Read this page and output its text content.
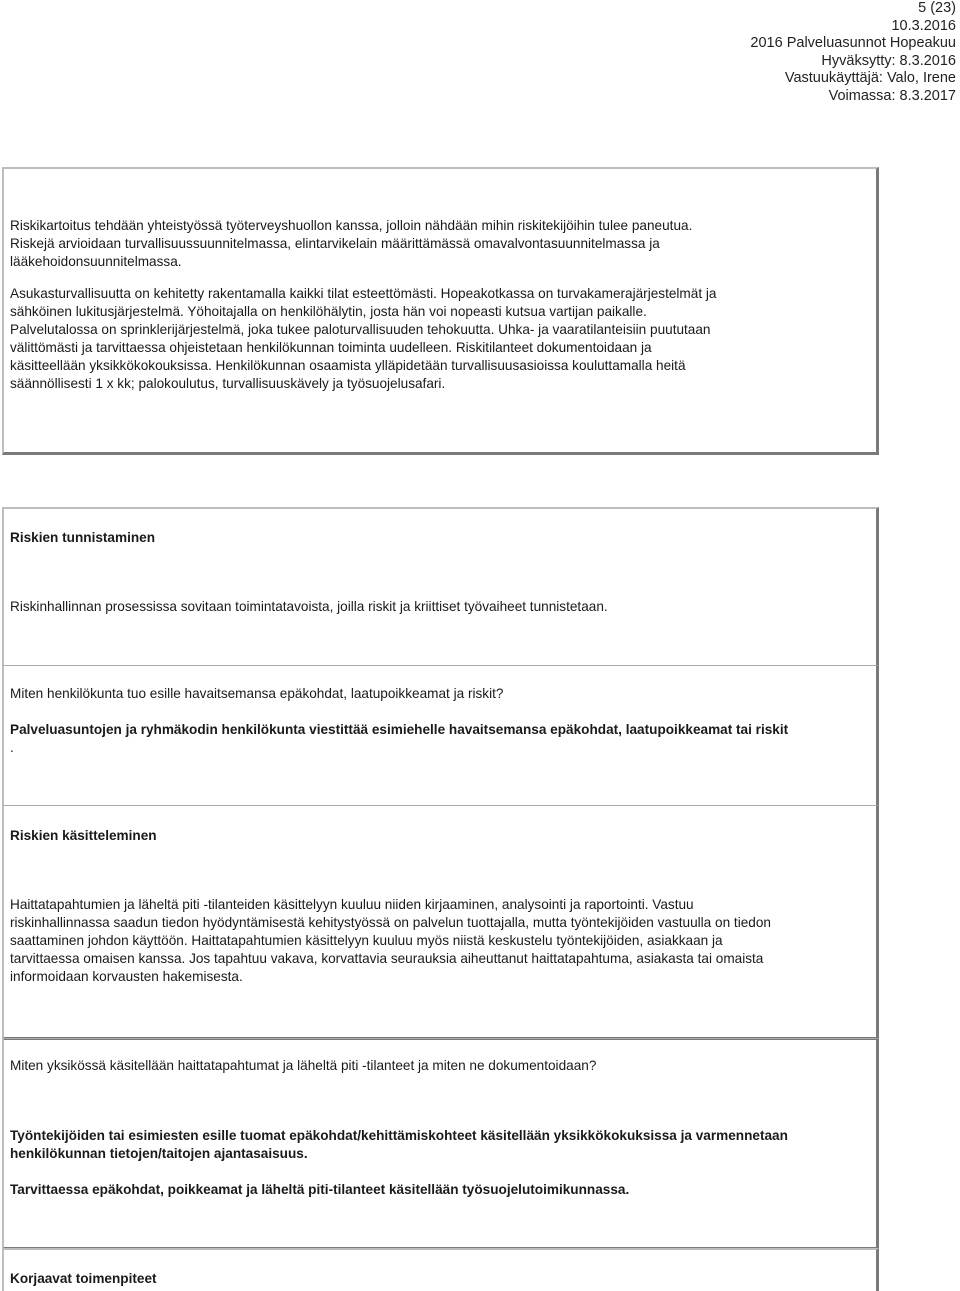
5 (23)
10.3.2016
2016 Palveluasunnot Hopeakuu
Hyväksytty: 8.3.2016
Vastuukäyttäjä: Valo, Irene
Voimassa: 8.3.2017
Riskikartoitus tehdään yhteistyössä työterveyshuollon kanssa, jolloin nähdään mihin riskitekijöihin tulee paneutua.
Riskejä arvioidaan turvallisuussuunnitelmassa, elintarvikelain määrittämässä omavalvontasuunnitelmassa ja
lääkehoidonsuunnitelmassa.
Asukasturvallisuutta on kehitetty rakentamalla kaikki tilat esteettömästi. Hopeakotkassa on turvakamerajärjestelmät ja
sähköinen lukitusjärjestelmä. Yöhoitajalla on henkilöhälytin, josta hän voi nopeasti kutsua vartijan paikalle.
Palvelutalossa on sprinklerijärjestelmä, joka tukee paloturvallisuuden tehokuutta. Uhka- ja vaaratilanteisiin puututaan
välittömästi ja tarvittaessa ohjeistetaan henkilökunnan toiminta uudelleen. Riskitilanteet dokumentoidaan ja
käsitteellään yksikkökokouksissa. Henkilökunnan osaamista ylläpidetään turvallisuusasioissa kouluttamalla heitä
säännöllisesti 1 x kk; palokoulutus, turvallisuuskävely ja työsuojelusafari.
Riskien tunnistaminen
Riskinhallinnan prosessissa sovitaan toimintatavoista, joilla riskit ja kriittiset työvaiheet tunnistetaan.
Miten henkilökunta tuo esille havaitsemansa epäkohdat, laatupoikkeamat ja riskit?
Palveluasuntojen ja ryhmäkodin henkilökunta viestittää esimiehelle havaitsemansa epäkohdat, laatupoikkeamat tai riskit
.
Riskien käsitteleminen
Haittatapahtumien ja läheltä piti -tilanteiden käsittelyyn kuuluu niiden kirjaaminen, analysointi ja raportointi. Vastuu
riskinhallinnassa saadun tiedon hyödyntämisestä kehitystyössä on palvelun tuottajalla, mutta työntekijöiden vastuulla on tiedon
saattaminen johdon käyttöön. Haittatapahtumien käsittelyyn kuuluu myös niistä keskustelu työntekijöiden, asiakkaan ja
tarvittaessa omaisen kanssa. Jos tapahtuu vakava, korvattavia seurauksia aiheuttanut haittatapahtuma, asiakasta tai omaista
informoidaan korvausten hakemisesta.
Miten yksikössä käsitellään haittatapahtumat ja läheltä piti -tilanteet ja miten ne dokumentoidaan?
Työntekijöiden tai esimiesten esille tuomat epäkohdat/kehittämiskohteet käsitellään yksikkökokuksissa ja varmennetaan
henkilökunnan tietojen/taitojen ajantasaisuus.
Tarvittaessa epäkohdat, poikkeamat ja läheltä piti-tilanteet käsitellään työsuojelutoimikunnassa.
Korjaavat toimenpiteet
